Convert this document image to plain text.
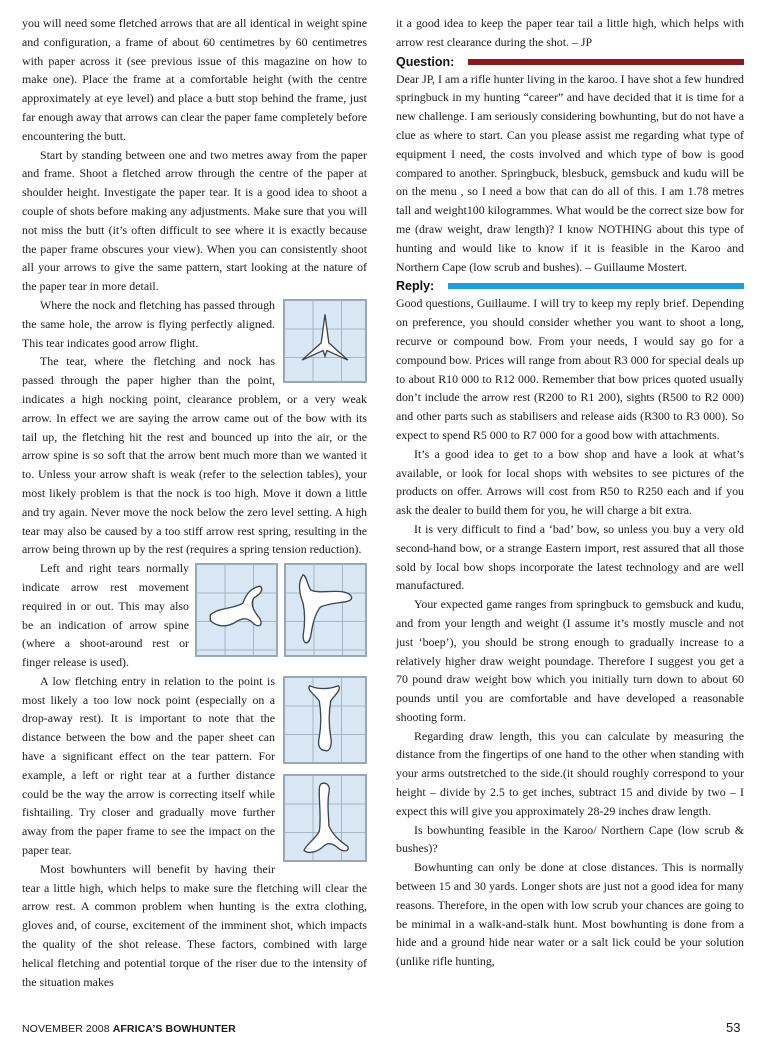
you will need some fletched arrows that are all identical in weight spine and configuration, a frame of about 60 centimetres by 60 centimetres with paper across it (see previous issue of this magazine on how to make one). Place the frame at a comfortable height (with the centre approximately at eye level) and place a butt stop behind the frame, just far enough away that arrows can clear the paper fame completely before encountering the butt.

Start by standing between one and two metres away from the paper and frame. Shoot a fletched arrow through the centre of the paper at shoulder height. Investigate the paper tear. It is a good idea to shoot a couple of shots before making any adjustments. Make sure that you will not miss the butt (it’s often difficult to see where it is exactly because the paper frame obscures your view). When you can consistently shoot all your arrows to give the same pattern, start looking at the nature of the paper tear in more detail.

Where the nock and fletching has passed through the same hole, the arrow is flying perfectly aligned. This tear indicates good arrow flight.

The tear, where the fletching and nock has passed through the paper higher than the point, indicates a high nocking point, clearance problem, or a very weak arrow. In effect we are saying the arrow came out of the bow with its tail up, the fletching hit the rest and bounced up into the air, or the arrow spine is so soft that the arrow bent much more than we wanted it to. Unless your arrow shaft is weak (refer to the selection tables), your most likely problem is that the nock is too high. Move it down a little and try again. Never move the nock below the zero level setting. A high tear may also be caused by a too stiff arrow rest spring, resulting in the arrow being thrown up by the rest (requires a spring tension reduction).

Left and right tears normally indicate arrow rest movement required in or out. This may also be an indication of arrow spine (where a shoot-around rest or finger release is used).

A low fletching entry in relation to the point is most likely a too low nock point (especially on a drop-away rest). It is important to note that the distance between the bow and the paper sheet can have a significant effect on the tear pattern. For example, a left or right tear at a further distance could be the way the arrow is correcting itself while fishtailing. Try closer and gradually move further away from the paper frame to see the impact on the paper tear.

Most bowhunters will benefit by having their tear a little high, which helps to make sure the fletching will clear the arrow rest. A common problem when hunting is the extra clothing, gloves and, of course, excitement of the imminent shot, which impacts the quality of the shot release. These factors, combined with large helical fletching and potential torque of the riser due to the intensity of the situation makes

it a good idea to keep the paper tear tail a little high, which helps with arrow rest clearance during the shot. – JP

Question:

Dear JP, I am a rifle hunter living in the karoo. I have shot a few hundred springbuck in my hunting “career” and have decided that it is time for a new challenge. I am seriously considering bowhunting, but do not have a clue as where to start. Can you please assist me regarding what type of equipment I need, the costs involved and which type of bow is good compared to another. Springbuck, blesbuck, gemsbuck and kudu will be on the menu , so I need a bow that can do all of this. I am 1.78 metres tall and weight100 kilogrammes. What would be the correct size bow for me (draw weight, draw length)? I know NOTHING about this type of hunting and would like to know if it is feasible in the Karoo and Northern Cape (low scrub and bushes). – Guillaume Mostert.

Reply:

Good questions, Guillaume. I will try to keep my reply brief. Depending on preference, you should consider whether you want to shoot a long, recurve or compound bow. From your needs, I would say go for a compound bow. Prices will range from about R3 000 for special deals up to about R10 000 to R12 000. Remember that bow prices quoted usually don’t include the arrow rest (R200 to R1 200), sights (R500 to R2 000) and other parts such as stabilisers and release aids (R300 to R3 000). So expect to spend R5 000 to R7 000 for a good bow with attachments.

It’s a good idea to get to a bow shop and have a look at what’s available, or look for local shops with websites to see pictures of the products on offer. Arrows will cost from R50 to R250 each and if you ask the dealer to build them for you, he will charge a bit extra.

It is very difficult to find a ‘bad’ bow, so unless you buy a very old second-hand bow, or a strange Eastern import, rest assured that all those sold by local bow shops incorporate the latest technology and are well manufactured.

Your expected game ranges from springbuck to gemsbuck and kudu, and from your length and weight (I assume it’s mostly muscle and not just ‘boep’), you should be strong enough to gradually increase to a relatively higher draw weight poundage. Therefore I suggest you get a 70 pound draw weight bow which you initially turn down to about 60 pounds until you are comfortable and have developed a reasonable shooting form.

Regarding draw length, this you can calculate by measuring the distance from the fingertips of one hand to the other when standing with your arms outstretched to the side.(it should roughly correspond to your height – divide by 2.5 to get inches, subtract 15 and divide by two – I expect this will give you approximately 28-29 inches draw length.

Is bowhunting feasible in the Karoo/ Northern Cape (low scrub & bushes)?

Bowhunting can only be done at close distances. This is normally between 15 and 30 yards. Longer shots are just not a good idea for many reasons. Therefore, in the open with low scrub your chances are going to be minimal in a walk-and-stalk hunt. Most bowhunting is done from a hide and a ground hide near water or a salt lick could be your solution (unlike rifle hunting,

NOVEMBER 2008 AFRICA’S BOWHUNTER	53
